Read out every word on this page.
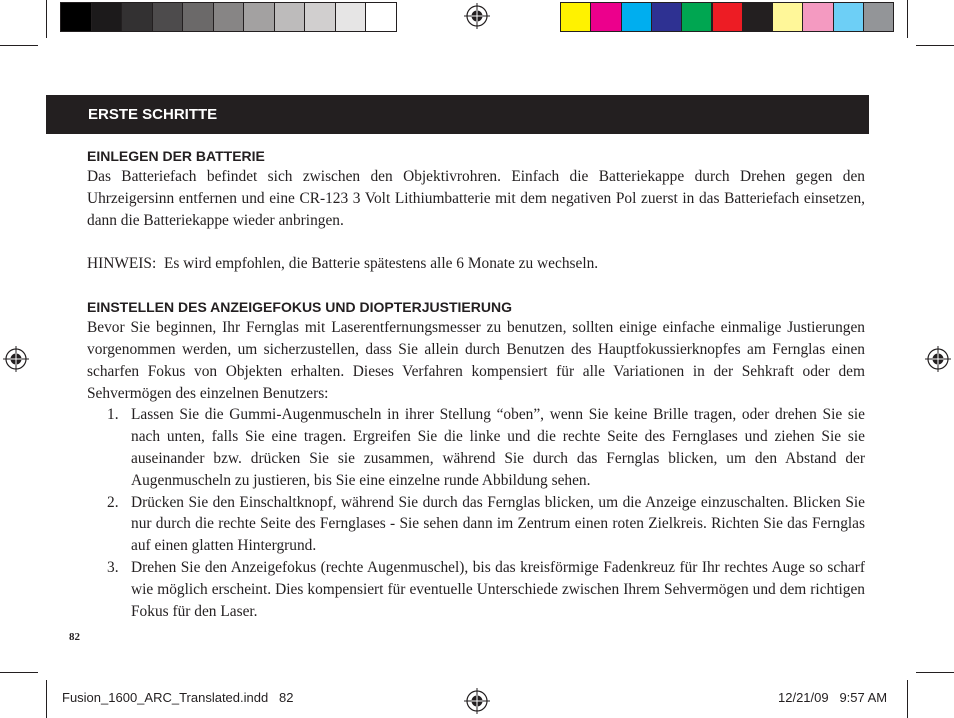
ERSTE SCHRITTE
EINLEGEN DER BATTERIE

Das Batteriefach befindet sich zwischen den Objektivrohren. Einfach die Batteriekappe durch Drehen gegen den Uhrzeigersinn entfernen und eine CR-123 3 Volt Lithiumbatterie mit dem negativen Pol zuerst in das Batteriefach einsetzen, dann die Batteriekappe wieder anbringen.

HINWEIS:  Es wird empfohlen, die Batterie spätestens alle 6 Monate zu wechseln.

EINSTELLEN DES ANZEIGEFOKUS UND DIOPTERJUSTIERUNG

Bevor Sie beginnen, Ihr Fernglas mit Laserentfernungsmesser zu benutzen, sollten einige einfache einmalige Justierungen vorgenommen werden, um sicherzustellen, dass Sie allein durch Benutzen des Hauptfokussierknopfes am Fernglas einen scharfen Fokus von Objekten erhalten. Dieses Verfahren kompensiert für alle Variationen in der Sehkraft oder dem Sehvermögen des einzelnen Benutzers:

1. Lassen Sie die Gummi-Augenmuscheln in ihrer Stellung “oben”, wenn Sie keine Brille tragen, oder drehen Sie sie nach unten, falls Sie eine tragen. Ergreifen Sie die linke und die rechte Seite des Fernglases und ziehen Sie sie auseinander bzw. drücken Sie sie zusammen, während Sie durch das Fernglas blicken, um den Abstand der Augenmuscheln zu justieren, bis Sie eine einzelne runde Abbildung sehen.
2. Drücken Sie den Einschaltknopf, während Sie durch das Fernglas blicken, um die Anzeige einzuschalten. Blicken Sie nur durch die rechte Seite des Fernglases - Sie sehen dann im Zentrum einen roten Zielkreis. Richten Sie das Fernglas auf einen glatten Hintergrund.
3. Drehen Sie den Anzeigefokus (rechte Augenmuschel), bis das kreisförmige Fadenkreuz für Ihr rechtes Auge so scharf wie möglich erscheint. Dies kompensiert für eventuelle Unterschiede zwischen Ihrem Sehvermögen und dem richtigen Fokus für den Laser.
82
Fusion_1600_ARC_Translated.indd   82	12/21/09   9:57 AM
